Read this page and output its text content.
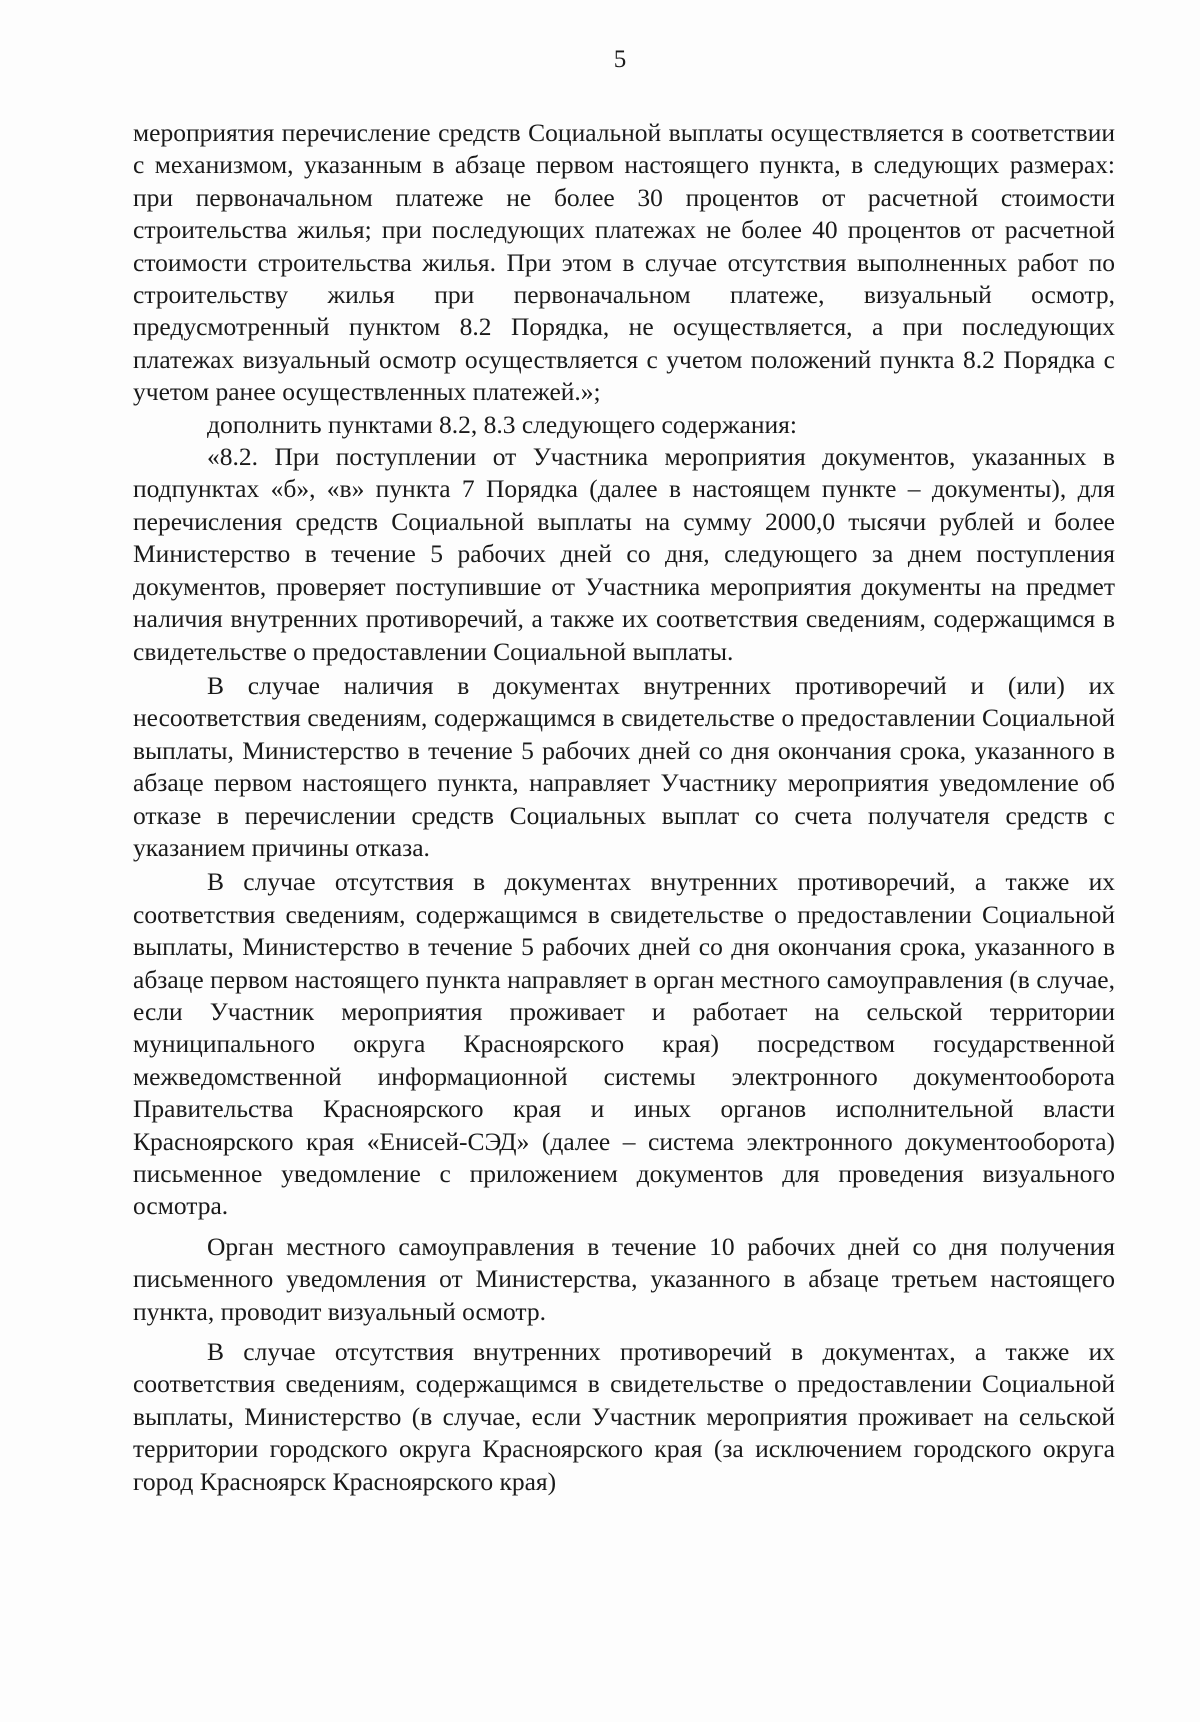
5

мероприятия перечисление средств Социальной выплаты осуществляется в соответствии с механизмом, указанным в абзаце первом настоящего пункта, в следующих размерах: при первоначальном платеже не более 30 процентов от расчетной стоимости строительства жилья; при последующих платежах не более 40 процентов от расчетной стоимости строительства жилья. При этом в случае отсутствия выполненных работ по строительству жилья при первоначальном платеже, визуальный осмотр, предусмотренный пунктом 8.2 Порядка, не осуществляется, а при последующих платежах визуальный осмотр осуществляется с учетом положений пункта 8.2 Порядка с учетом ранее осуществленных платежей.»;

дополнить пунктами 8.2, 8.3 следующего содержания:

«8.2. При поступлении от Участника мероприятия документов, указанных в подпунктах «б», «в» пункта 7 Порядка (далее в настоящем пункте – документы), для перечисления средств Социальной выплаты на сумму 2000,0 тысячи рублей и более Министерство в течение 5 рабочих дней со дня, следующего за днем поступления документов, проверяет поступившие от Участника мероприятия документы на предмет наличия внутренних противоречий, а также их соответствия сведениям, содержащимся в свидетельстве о предоставлении Социальной выплаты.

В случае наличия в документах внутренних противоречий и (или) их несоответствия сведениям, содержащимся в свидетельстве о предоставлении Социальной выплаты, Министерство в течение 5 рабочих дней со дня окончания срока, указанного в абзаце первом настоящего пункта, направляет Участнику мероприятия уведомление об отказе в перечислении средств Социальных выплат со счета получателя средств с указанием причины отказа.

В случае отсутствия в документах внутренних противоречий, а также их соответствия сведениям, содержащимся в свидетельстве о предоставлении Социальной выплаты, Министерство в течение 5 рабочих дней со дня окончания срока, указанного в абзаце первом настоящего пункта направляет в орган местного самоуправления (в случае, если Участник мероприятия проживает и работает на сельской территории муниципального округа Красноярского края) посредством государственной межведомственной информационной системы электронного документооборота Правительства Красноярского края и иных органов исполнительной власти Красноярского края «Енисей-СЭД» (далее – система электронного документооборота) письменное уведомление с приложением документов для проведения визуального осмотра.

Орган местного самоуправления в течение 10 рабочих дней со дня получения письменного уведомления от Министерства, указанного в абзаце третьем настоящего пункта, проводит визуальный осмотр.

В случае отсутствия внутренних противоречий в документах, а также их соответствия сведениям, содержащимся в свидетельстве о предоставлении Социальной выплаты, Министерство (в случае, если Участник мероприятия проживает на сельской территории городского округа Красноярского края (за исключением городского округа город Красноярск Красноярского края)
